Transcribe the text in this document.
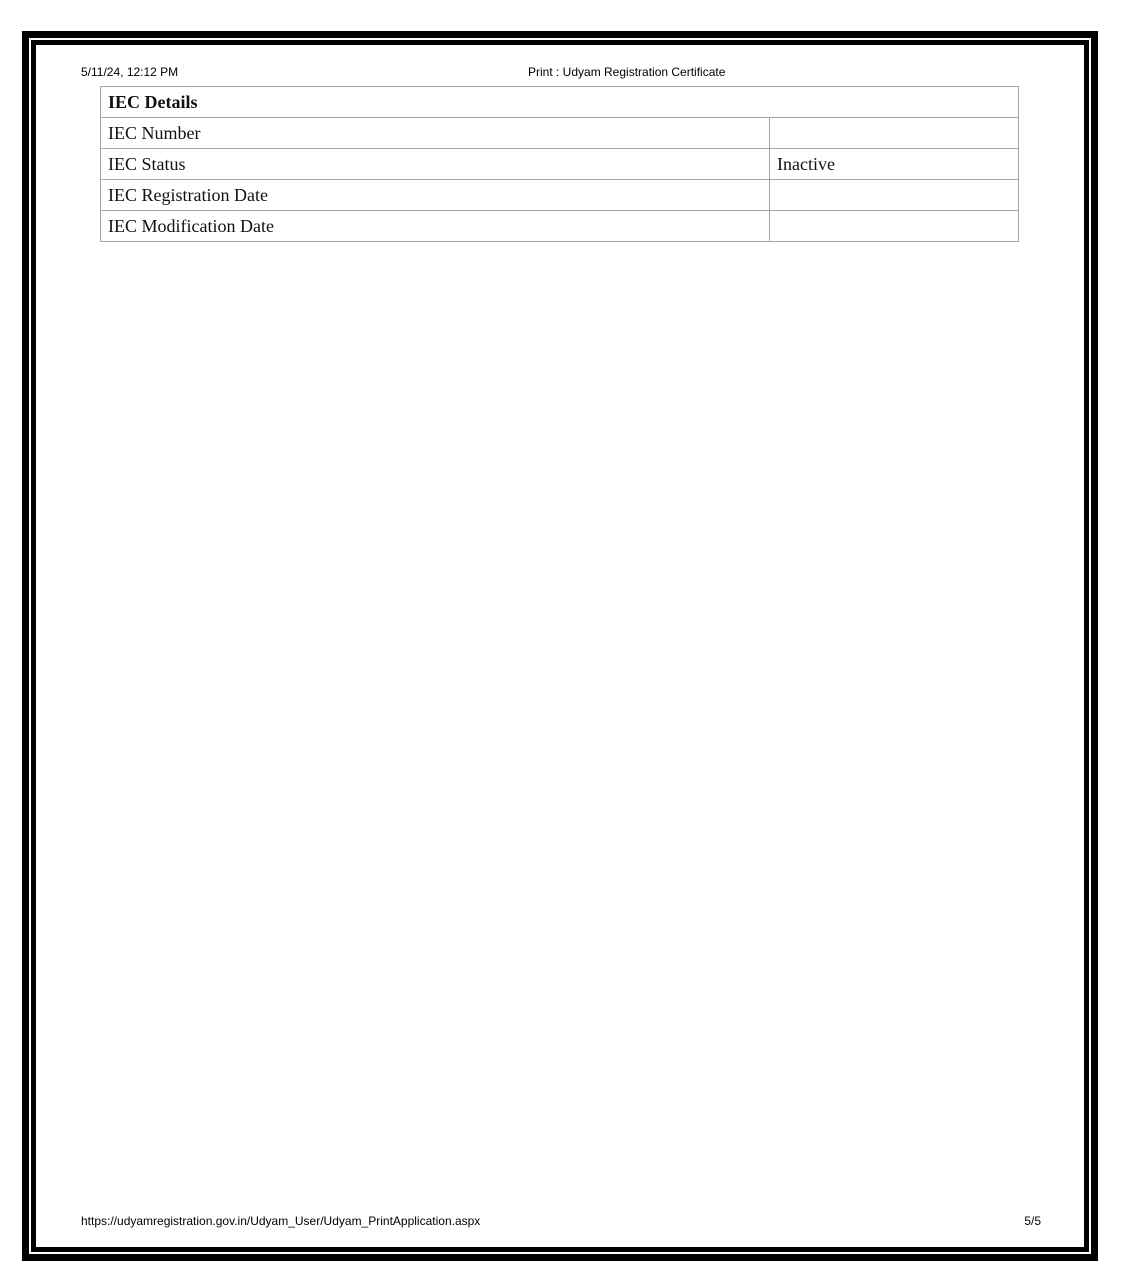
5/11/24, 12:12 PM	Print : Udyam Registration Certificate
IEC Details	
IEC Number	
IEC Status	Inactive
IEC Registration Date	
IEC Modification Date	
https://udyamregistration.gov.in/Udyam_User/Udyam_PrintApplication.aspx	5/5
